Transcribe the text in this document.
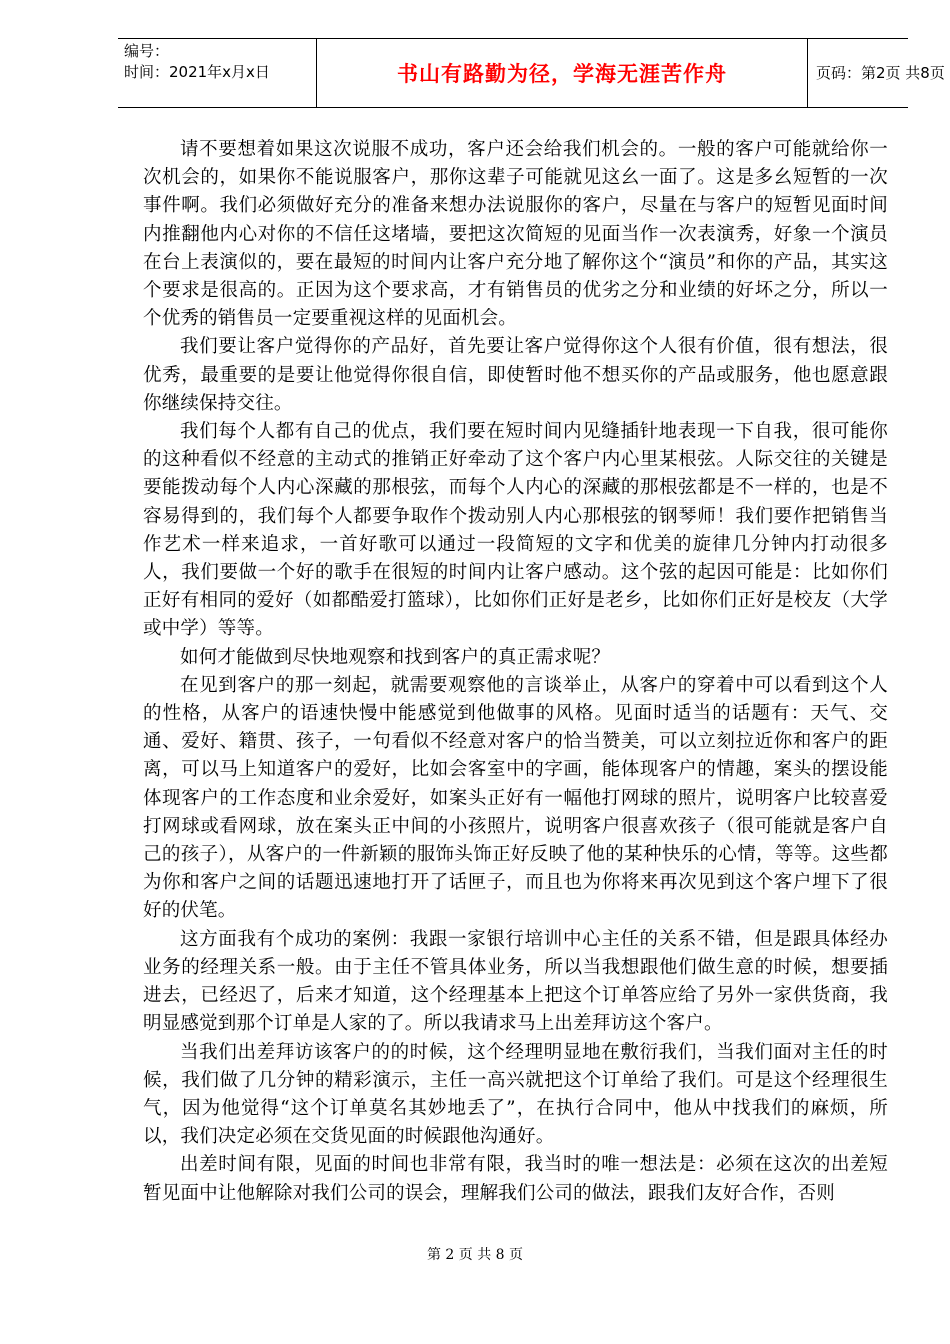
编号：
时间：2021年x月x日	书山有路勤为径，学海无涯苦作舟	页码：第2页 共8页

请不要想着如果这次说服不成功，客户还会给我们机会的。一般的客户可能就给你一次机会的，如果你不能说服客户，那你这辈子可能就见这幺一面了。这是多幺短暂的一次事件啊。我们必须做好充分的准备来想办法说服你的客户，尽量在与客户的短暂见面时间内推翻他内心对你的不信任这堵墙，要把这次简短的见面当作一次表演秀，好象一个演员在台上表演似的，要在最短的时间内让客户充分地了解你这个“演员”和你的产品，其实这个要求是很高的。正因为这个要求高，才有销售员的优劣之分和业绩的好坏之分，所以一个优秀的销售员一定要重视这样的见面机会。

我们要让客户觉得你的产品好，首先要让客户觉得你这个人很有价值，很有想法，很优秀，最重要的是要让他觉得你很自信，即使暂时他不想买你的产品或服务，他也愿意跟你继续保持交往。

我们每个人都有自己的优点，我们要在短时间内见缝插针地表现一下自我，很可能你的这种看似不经意的主动式的推销正好牵动了这个客户内心里某根弦。人际交往的关键是要能拨动每个人内心深藏的那根弦，而每个人内心的深藏的那根弦都是不一样的，也是不容易得到的，我们每个人都要争取作个拨动别人内心那根弦的钢琴师！我们要作把销售当作艺术一样来追求，一首好歌可以通过一段简短的文字和优美的旋律几分钟内打动很多人，我们要做一个好的歌手在很短的时间内让客户感动。这个弦的起因可能是：比如你们正好有相同的爱好（如都酷爱打篮球），比如你们正好是老乡，比如你们正好是校友（大学或中学）等等。

如何才能做到尽快地观察和找到客户的真正需求呢？

在见到客户的那一刻起，就需要观察他的言谈举止，从客户的穿着中可以看到这个人的性格，从客户的语速快慢中能感觉到他做事的风格。见面时适当的话题有：天气、交通、爱好、籍贯、孩子，一句看似不经意对客户的恰当赞美，可以立刻拉近你和客户的距离，可以马上知道客户的爱好，比如会客室中的字画，能体现客户的情趣，案头的摆设能体现客户的工作态度和业余爱好，如案头正好有一幅他打网球的照片，说明客户比较喜爱打网球或看网球，放在案头正中间的小孩照片，说明客户很喜欢孩子（很可能就是客户自己的孩子），从客户的一件新颖的服饰头饰正好反映了他的某种快乐的心情，等等。这些都为你和客户之间的话题迅速地打开了话匣子，而且也为你将来再次见到这个客户埋下了很好的伏笔。

这方面我有个成功的案例：我跟一家银行培训中心主任的关系不错，但是跟具体经办业务的经理关系一般。由于主任不管具体业务，所以当我想跟他们做生意的时候，想要插进去，已经迟了，后来才知道，这个经理基本上把这个订单答应给了另外一家供货商，我明显感觉到那个订单是人家的了。所以我请求马上出差拜访这个客户。

当我们出差拜访该客户的的时候，这个经理明显地在敷衍我们，当我们面对主任的时候，我们做了几分钟的精彩演示，主任一高兴就把这个订单给了我们。可是这个经理很生气，因为他觉得“这个订单莫名其妙地丢了”，在执行合同中，他从中找我们的麻烦，所以，我们决定必须在交货见面的时候跟他沟通好。

出差时间有限，见面的时间也非常有限，我当时的唯一想法是：必须在这次的出差短暂见面中让他解除对我们公司的误会，理解我们公司的做法，跟我们友好合作，否则

第 2 页 共 8 页
